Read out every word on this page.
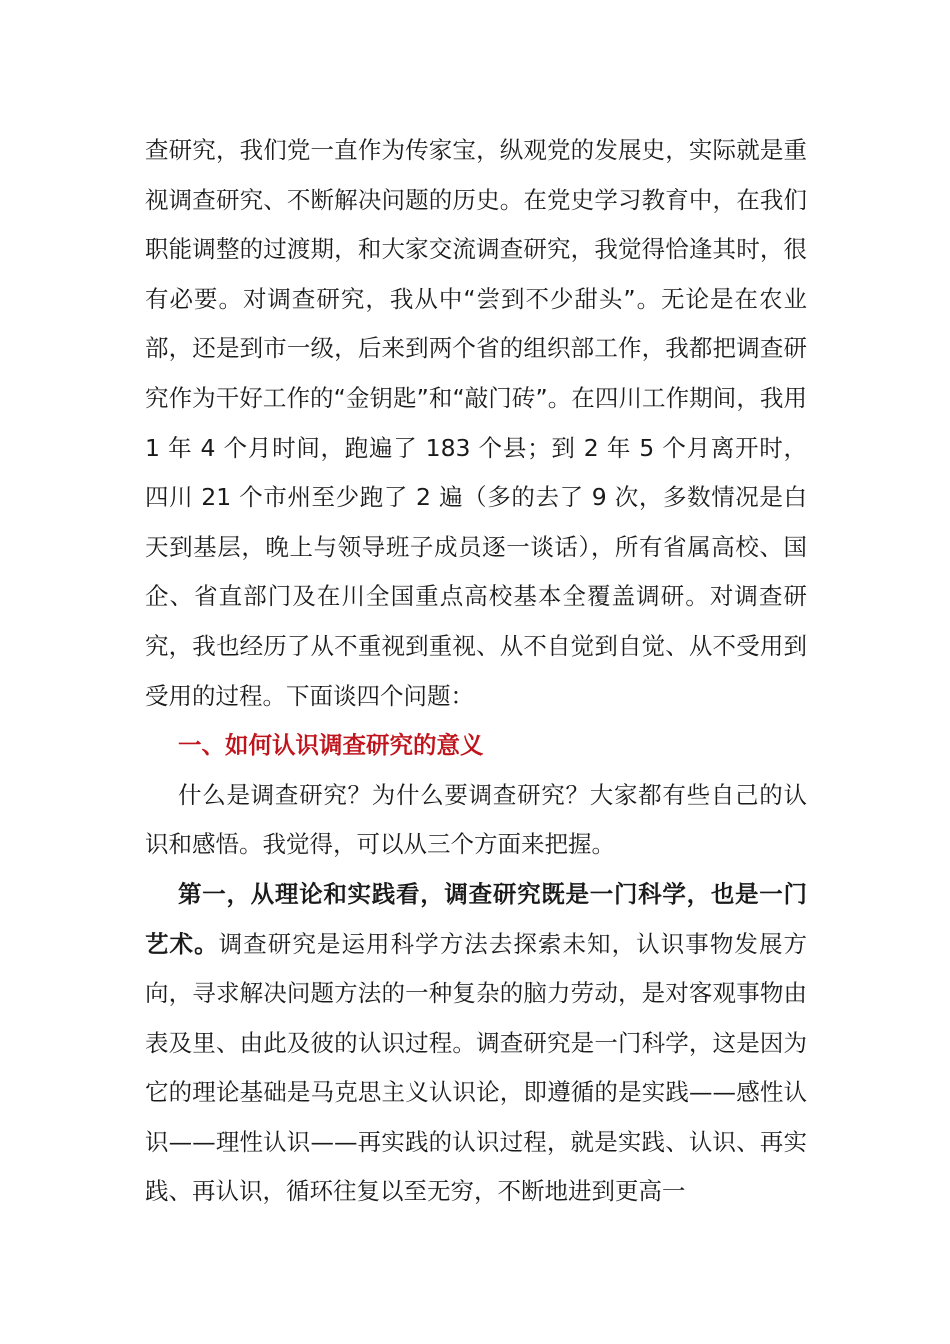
查研究，我们党一直作为传家宝，纵观党的发展史，实际就是重视调查研究、不断解决问题的历史。在党史学习教育中，在我们职能调整的过渡期，和大家交流调查研究，我觉得恰逢其时，很有必要。对调查研究，我从中“尝到不少甜头”。无论是在农业部，还是到市一级，后来到两个省的组织部工作，我都把调查研究作为干好工作的“金钥匙”和“敲门砖”。在四川工作期间，我用 1 年 4 个月时间，跑遍了 183 个县；到 2 年 5 个月离开时，四川 21 个市州至少跑了 2 遍（多的去了 9 次，多数情况是白天到基层，晚上与领导班子成员逐一谈话），所有省属高校、国企、省直部门及在川全国重点高校基本全覆盖调研。对调查研究，我也经历了从不重视到重视、从不自觉到自觉、从不受用到受用的过程。下面谈四个问题：

一、如何认识调查研究的意义

什么是调查研究？为什么要调查研究？大家都有些自己的认识和感悟。我觉得，可以从三个方面来把握。

第一，从理论和实践看，调查研究既是一门科学，也是一门艺术。调查研究是运用科学方法去探索未知，认识事物发展方向，寻求解决问题方法的一种复杂的脑力劳动，是对客观事物由表及里、由此及彼的认识过程。调查研究是一门科学，这是因为它的理论基础是马克思主义认识论，即遵循的是实践——感性认识——理性认识——再实践的认识过程，就是实践、认识、再实践、再认识，循环往复以至无穷，不断地进到更高一
